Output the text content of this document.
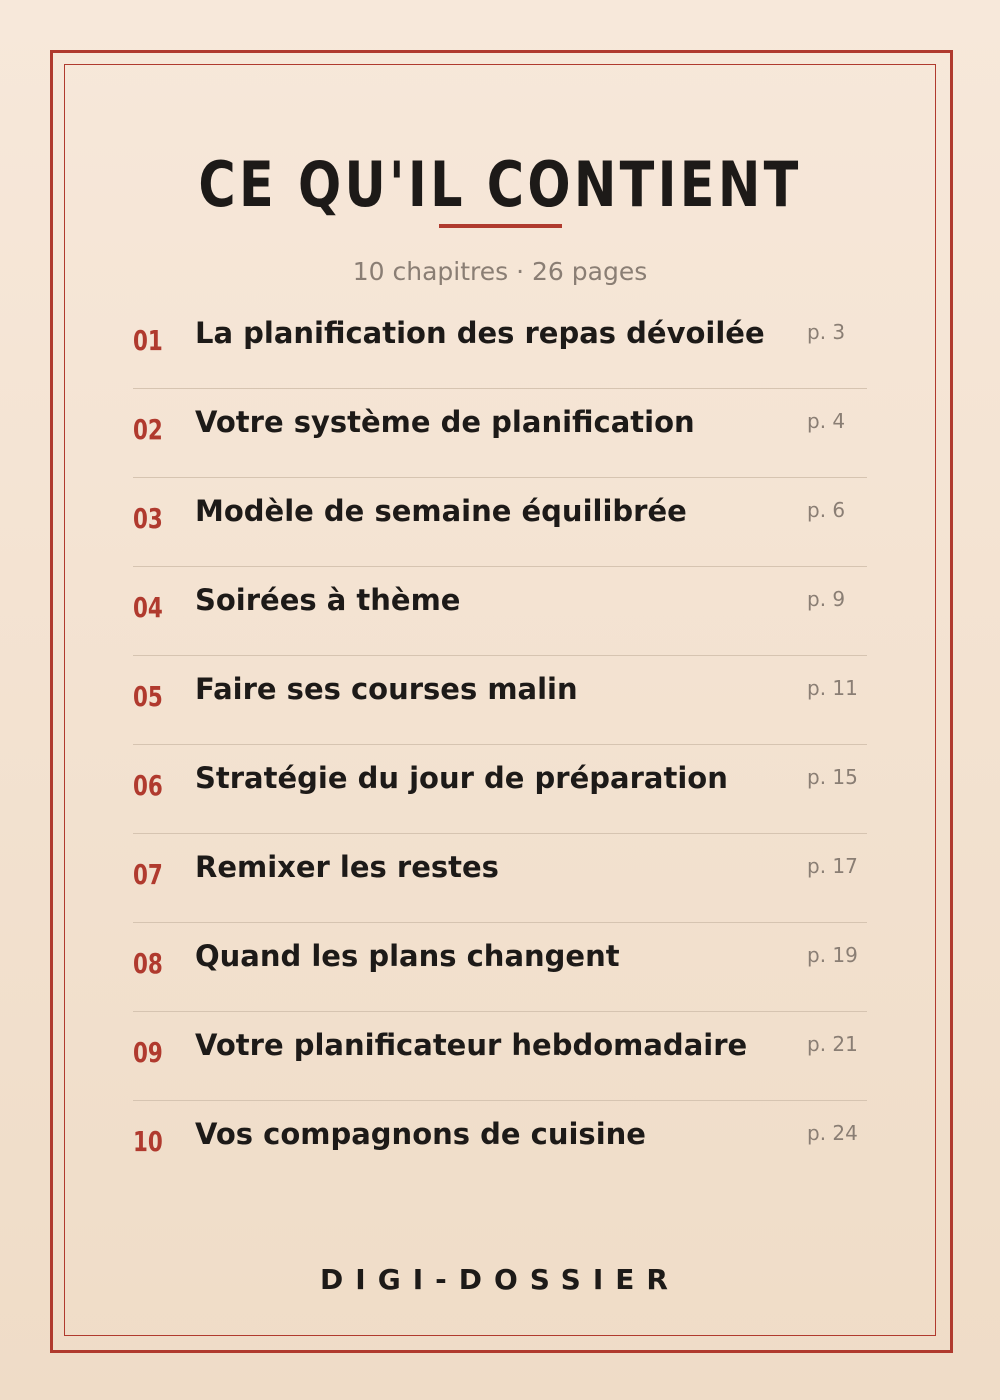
CE QU'IL CONTIENT
10 chapitres · 26 pages
01 La planification des repas dévoilée	p. 3
02 Votre système de planification	p. 4
03 Modèle de semaine équilibrée	p. 6
04 Soirées à thème	p. 9
05 Faire ses courses malin	p. 11
06 Stratégie du jour de préparation	p. 15
07 Remixer les restes	p. 17
08 Quand les plans changent	p. 19
09 Votre planificateur hebdomadaire	p. 21
10 Vos compagnons de cuisine	p. 24
DIGI-DOSSIER
